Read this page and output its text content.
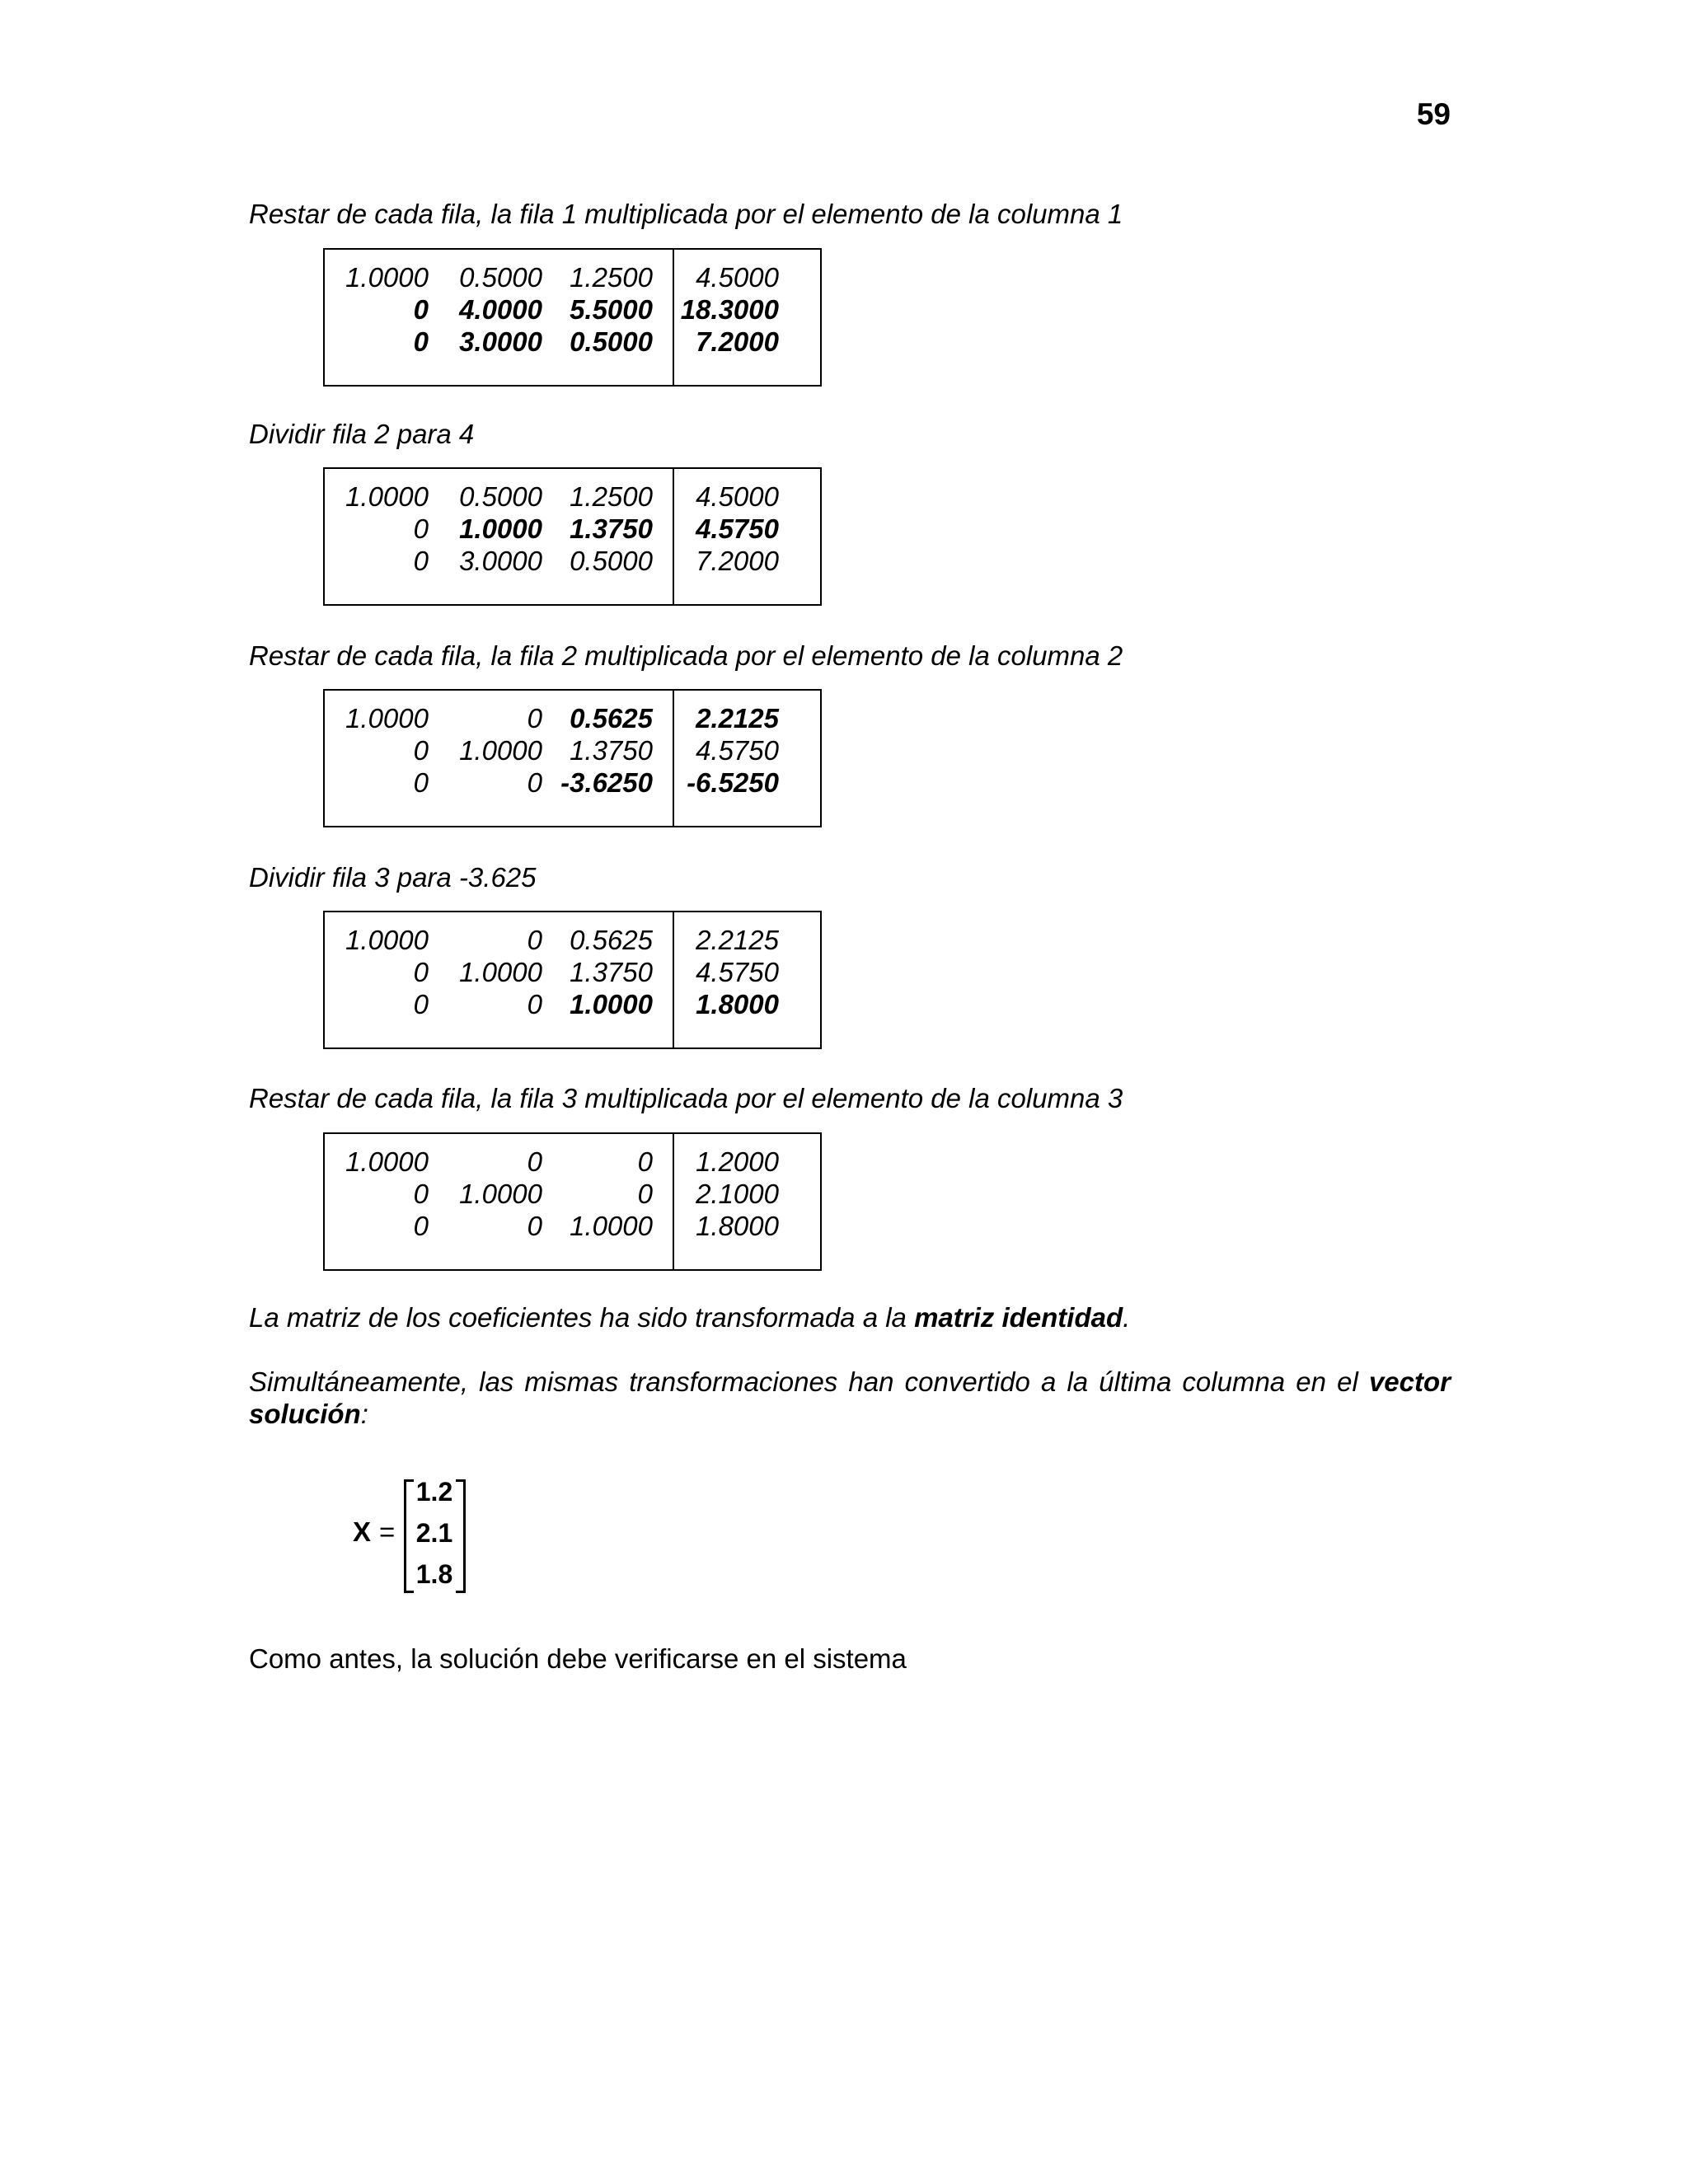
59
Restar de cada fila, la fila 1 multiplicada por el elemento de la columna 1
1.0000 0.5000 1.2500 4.5000
0 4.0000 5.5000 18.3000
0 3.0000 0.5000 7.2000
Dividir fila 2 para 4
1.0000 0.5000 1.2500 4.5000
0 1.0000 1.3750 4.5750
0 3.0000 0.5000 7.2000
Restar de cada fila, la fila 2 multiplicada por el elemento de la columna 2
1.0000	0 0.5625 2.2125
0 1.0000 1.3750 4.5750
0	0 -3.6250 -6.5250
Dividir fila 3 para -3.625
1.0000	0 0.5625 2.2125
0 1.0000 1.3750 4.5750
0	0 1.0000 1.8000
Restar de cada fila, la fila 3 multiplicada por el elemento de la columna 3
1.0000	0	0 1.2000
0 1.0000	0 2.1000
0	0 1.0000 1.8000
La matriz de los coeficientes ha sido transformada a la matriz identidad.
Simultáneamente, las mismas transformaciones han convertido a la última columna en el vector
solución:
X =
1.2
2.1
1.8
Como antes, la solución debe verificarse en el sistema
